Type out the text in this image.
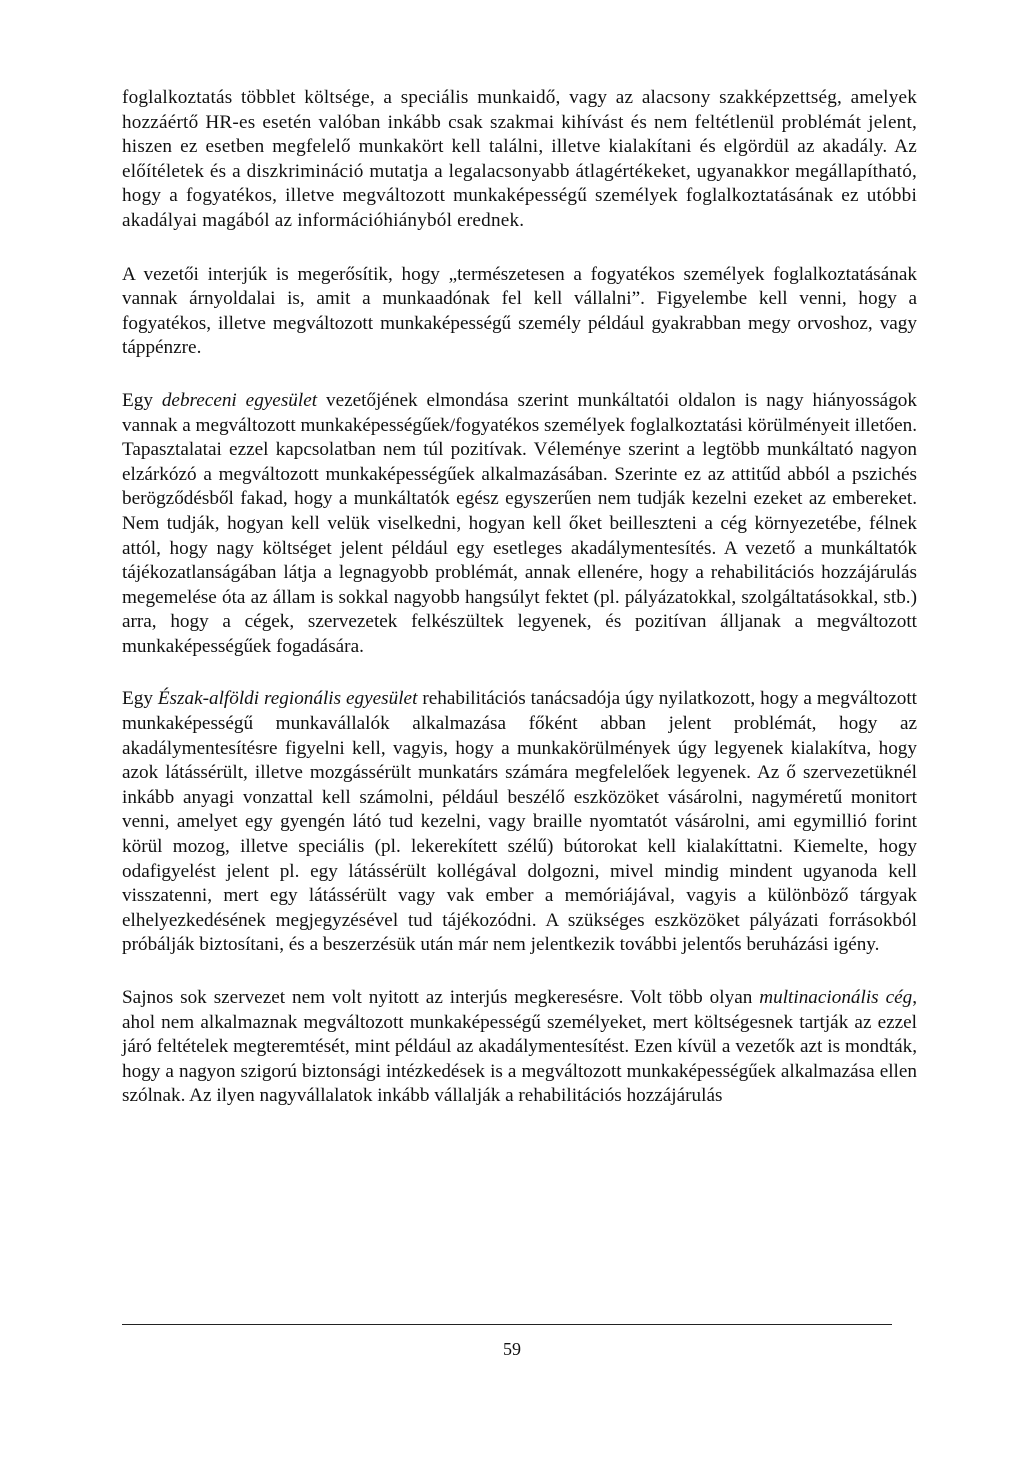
foglalkoztatás többlet költsége, a speciális munkaidő, vagy az alacsony szakképzettség, amelyek hozzáértő HR-es esetén valóban inkább csak szakmai kihívást és nem feltétlenül problémát jelent, hiszen ez esetben megfelelő munkakört kell találni, illetve kialakítani és elgördül az akadály. Az előítéletek és a diszkrimináció mutatja a legalacsonyabb átlagértékeket, ugyanakkor megállapítható, hogy a fogyatékos, illetve megváltozott munkaképességű személyek foglalkoztatásának ez utóbbi akadályai magából az információhiányból erednek.

A vezetői interjúk is megerősítik, hogy „természetesen a fogyatékos személyek foglalkoztatásának vannak árnyoldalai is, amit a munkaadónak fel kell vállalni”. Figyelembe kell venni, hogy a fogyatékos, illetve megváltozott munkaképességű személy például gyakrabban megy orvoshoz, vagy táppénzre.

Egy debreceni egyesület vezetőjének elmondása szerint munkáltatói oldalon is nagy hiányosságok vannak a megváltozott munkaképességűek/fogyatékos személyek foglalkoztatási körülményeit illetően. Tapasztalatai ezzel kapcsolatban nem túl pozitívak. Véleménye szerint a legtöbb munkáltató nagyon elzárkózó a megváltozott munkaképességűek alkalmazásában. Szerinte ez az attitűd abból a pszichés berögződésből fakad, hogy a munkáltatók egész egyszerűen nem tudják kezelni ezeket az embereket. Nem tudják, hogyan kell velük viselkedni, hogyan kell őket beilleszteni a cég környezetébe, félnek attól, hogy nagy költséget jelent például egy esetleges akadálymentesítés. A vezető a munkáltatók tájékozatlanságában látja a legnagyobb problémát, annak ellenére, hogy a rehabilitációs hozzájárulás megemelése óta az állam is sokkal nagyobb hangsúlyt fektet (pl. pályázatokkal, szolgáltatásokkal, stb.) arra, hogy a cégek, szervezetek felkészültek legyenek, és pozitívan álljanak a megváltozott munkaképességűek fogadására.

Egy Észak-alföldi regionális egyesület rehabilitációs tanácsadója úgy nyilatkozott, hogy a megváltozott munkaképességű munkavállalók alkalmazása főként abban jelent problémát, hogy az akadálymentesítésre figyelni kell, vagyis, hogy a munkakörülmények úgy legyenek kialakítva, hogy azok látássérült, illetve mozgássérült munkatárs számára megfelelőek legyenek. Az ő szervezetüknél inkább anyagi vonzattal kell számolni, például beszélő eszközöket vásárolni, nagyméretű monitort venni, amelyet egy gyengén látó tud kezelni, vagy braille nyomtatót vásárolni, ami egymillió forint körül mozog, illetve speciális (pl. lekerekített szélű) bútorokat kell kialakíttatni. Kiemelte, hogy odafigyelést jelent pl. egy látássérült kollégával dolgozni, mivel mindig mindent ugyanoda kell visszatenni, mert egy látássérült vagy vak ember a memóriájával, vagyis a különböző tárgyak elhelyezkedésének megjegyzésével tud tájékozódni. A szükséges eszközöket pályázati forrásokból próbálják biztosítani, és a beszerzésük után már nem jelentkezik további jelentős beruházási igény.

Sajnos sok szervezet nem volt nyitott az interjús megkeresésre. Volt több olyan multinacionális cég, ahol nem alkalmaznak megváltozott munkaképességű személyeket, mert költségesnek tartják az ezzel járó feltételek megteremtését, mint például az akadálymentesítést. Ezen kívül a vezetők azt is mondták, hogy a nagyon szigorú biztonsági intézkedések is a megváltozott munkaképességűek alkalmazása ellen szólnak. Az ilyen nagyvállalatok inkább vállalják a rehabilitációs hozzájárulás

59
